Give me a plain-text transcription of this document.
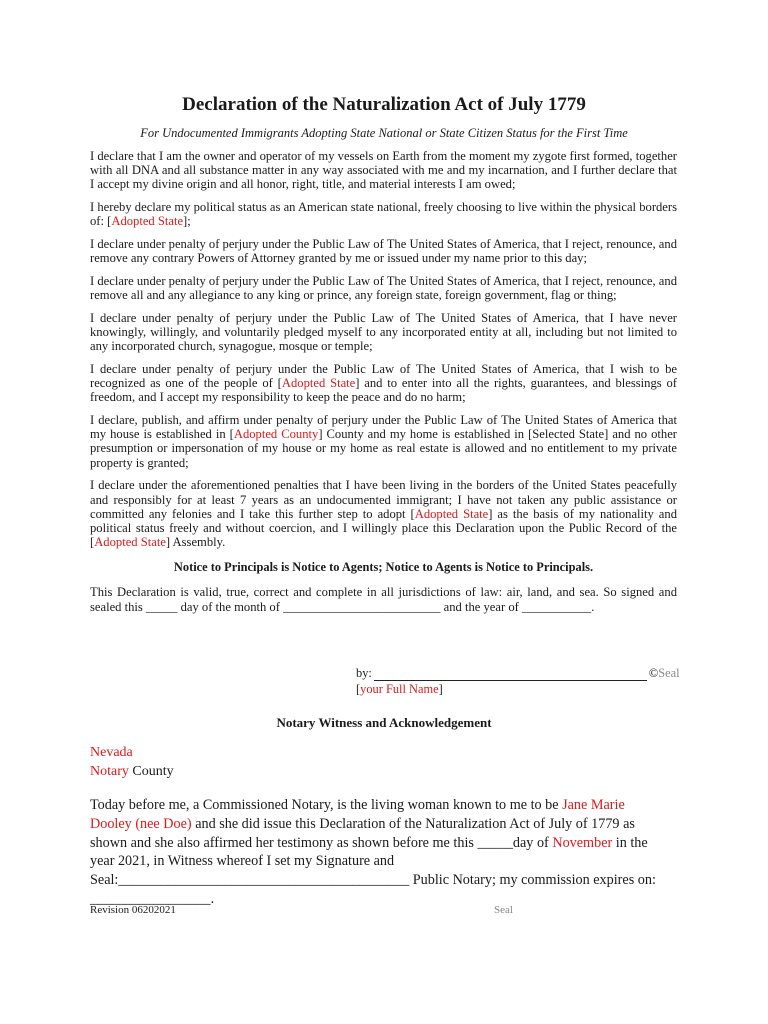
Declaration of the Naturalization Act of July 1779
For Undocumented Immigrants Adopting State National or State Citizen Status for the First Time

I declare that I am the owner and operator of my vessels on Earth from the moment my zygote first formed, together with all DNA and all substance matter in any way associated with me and my incarnation, and I further declare that I accept my divine origin and all honor, right, title, and material interests I am owed;

I hereby declare my political status as an American state national, freely choosing to live within the physical borders of: [Adopted State];

I declare under penalty of perjury under the Public Law of The United States of America, that I reject, renounce, and remove any contrary Powers of Attorney granted by me or issued under my name prior to this day;

I declare under penalty of perjury under the Public Law of The United States of America, that I reject, renounce, and remove all and any allegiance to any king or prince, any foreign state, foreign government, flag or thing;

I declare under penalty of perjury under the Public Law of The United States of America, that I have never knowingly, willingly, and voluntarily pledged myself to any incorporated entity at all, including but not limited to any incorporated church, synagogue, mosque or temple;

I declare under penalty of perjury under the Public Law of The United States of America, that I wish to be recognized as one of the people of [Adopted State] and to enter into all the rights, guarantees, and blessings of freedom, and I accept my responsibility to keep the peace and do no harm;

I declare, publish, and affirm under penalty of perjury under the Public Law of The United States of America that my house is established in [Adopted County] County and my home is established in [Selected State] and no other presumption or impersonation of my house or my home as real estate is allowed and no entitlement to my private property is granted;

I declare under the aforementioned penalties that I have been living in the borders of the United States peacefully and responsibly for at least 7 years as an undocumented immigrant; I have not taken any public assistance or committed any felonies and I take this further step to adopt [Adopted State] as the basis of my nationality and political status freely and without coercion, and I willingly place this Declaration upon the Public Record of the [Adopted State] Assembly.

Notice to Principals is Notice to Agents; Notice to Agents is Notice to Principals.

This Declaration is valid, true, correct and complete in all jurisdictions of law: air, land, and sea. So signed and sealed this _____ day of the month of _________________________ and the year of ___________.

by:	©Seal
[your Full Name]
Notary Witness and Acknowledgement
Nevada
Notary County

Today before me, a Commissioned Notary, is the living woman known to me to be Jane Marie Dooley (nee Doe) and she did issue this Declaration of the Naturalization Act of July of 1779 as shown and she also affirmed her testimony as shown before me this _____day of November in the year 2021, in Witness whereof I set my Signature and Seal:_________________________________________ Public Notary; my commission expires on: _________________.

Revision 06202021	Seal
